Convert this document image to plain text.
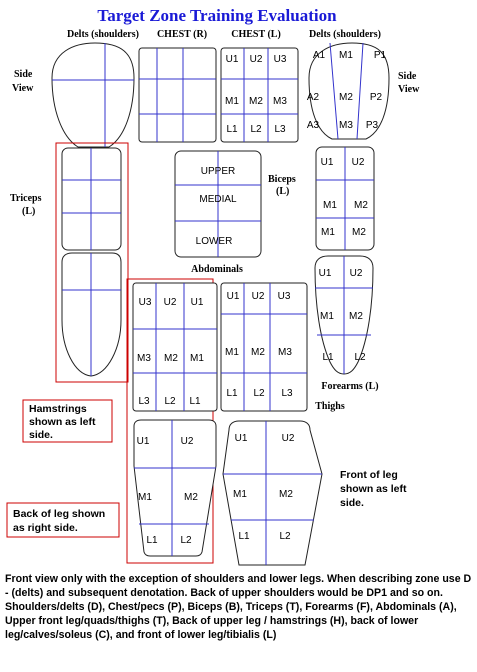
Target Zone Training Evaluation
Delts (shoulders) CHEST (R) CHEST (L)	Delts (shoulders)
Side
View
Side
View
U1 U2 U3
M1 M2 M3
L1 L2 L3
A1 M1 P1
A2 M2 P2
A3 M3 P3
Triceps
(L)
UPPER
MEDIAL
LOWER
Abdominals
Biceps
(L)
U1 U2
M1 M2
M1 M2
U1 U2
M1 M2
L1 L2
Forearms (L)
U3 U2 U1
M3 M2 M1
L3 L2 L1
U1 U2 U3
M1 M2 M3
L1 L2 L3
Thighs
Hamstrings
shown as left
side.
U1	U2
M1	M2
L1 L2
U1	U2
M1	M2
L1	L2
Front of leg
shown as left
side.
Back of leg shown
as right side.
Front view only with the exception of shoulders and lower legs. When describing zone use D - (delts) and subsequent denotation. Back of upper shoulders would be DP1 and so on. Shoulders/delts (D), Chest/pecs (P), Biceps (B), Triceps (T), Forearms (F), Abdominals (A), Upper front leg/quads/thighs (T), Back of upper leg / hamstrings (H), back of lower leg/calves/soleus (C), and front of lower leg/tibialis (L)
